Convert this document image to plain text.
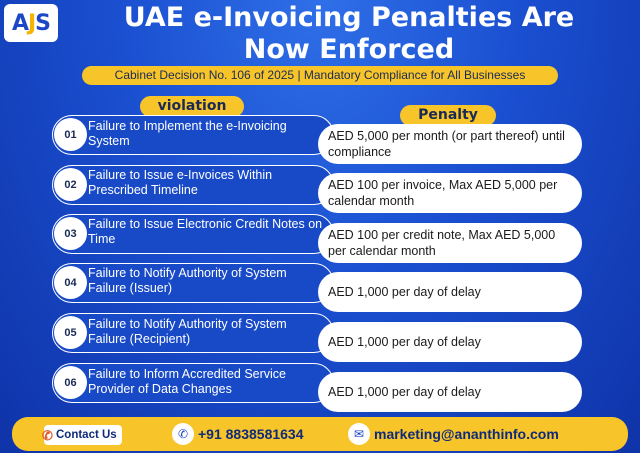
A J S	UAE e-Invoicing Penalties Are
Now Enforced
Cabinet Decision No. 106 of 2025 | Mandatory Compliance for All Businesses
violation
Penalty
01
Failure to Implement the e-Invoicing System	AED 5,000 per month (or part thereof) until compliance
02
Failure to Issue e-Invoices Within Prescribed Timeline	AED 100 per invoice, Max AED 5,000 per calendar month
03
Failure to Issue Electronic Credit Notes on Time	AED 100 per credit note, Max AED 5,000 per calendar month
04
Failure to Notify Authority of System Failure (Issuer)	AED 1,000 per day of delay
05
Failure to Notify Authority of System Failure (Recipient)	AED 1,000 per day of delay
06
Failure to Inform Accredited Service Provider of Data Changes	AED 1,000 per day of delay
✆ Contact Us	✆ +91 8838581634	✉ marketing@ananthinfo.com
